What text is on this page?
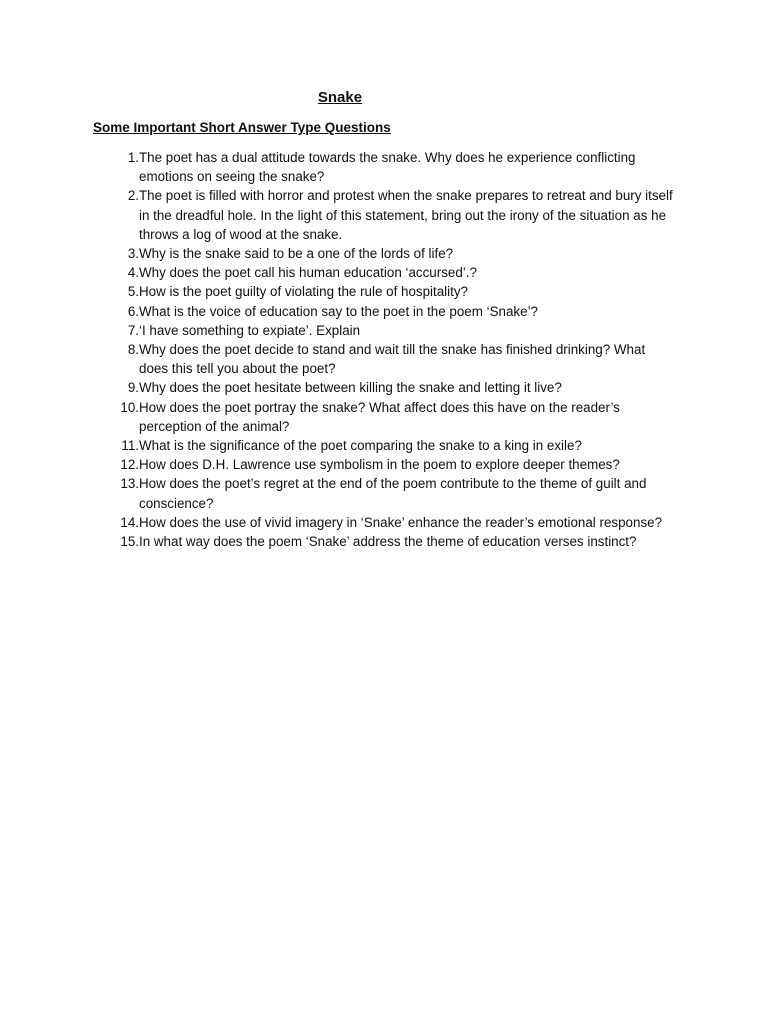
Snake
Some Important Short Answer Type Questions
1. The poet has a dual attitude towards the snake. Why does he experience conflicting emotions on seeing the snake?
2. The poet is filled with horror and protest when the snake prepares to retreat and bury itself in the dreadful hole. In the light of this statement, bring out the irony of the situation as he throws a log of wood at the snake.
3. Why is the snake said to be a one of the lords of life?
4. Why does the poet call his human education ‘accursed’.?
5. How is the poet guilty of violating the rule of hospitality?
6. What is the voice of education say to the poet in the poem ‘Snake’?
7. ‘I have something to expiate’. Explain
8. Why does the poet decide to stand and wait till the snake has finished drinking? What does this tell you about the poet?
9. Why does the poet hesitate between killing the snake and letting it live?
10. How does the poet portray the snake? What affect does this have on the reader’s perception of the animal?
11. What is the significance of the poet comparing the snake to a king in exile?
12. How does D.H. Lawrence use symbolism in the poem to explore deeper themes?
13. How does the poet’s regret at the end of the poem contribute to the theme of guilt and conscience?
14. How does the use of vivid imagery in ‘Snake’ enhance the reader’s emotional response?
15. In what way does the poem ‘Snake’ address the theme of education verses instinct?
